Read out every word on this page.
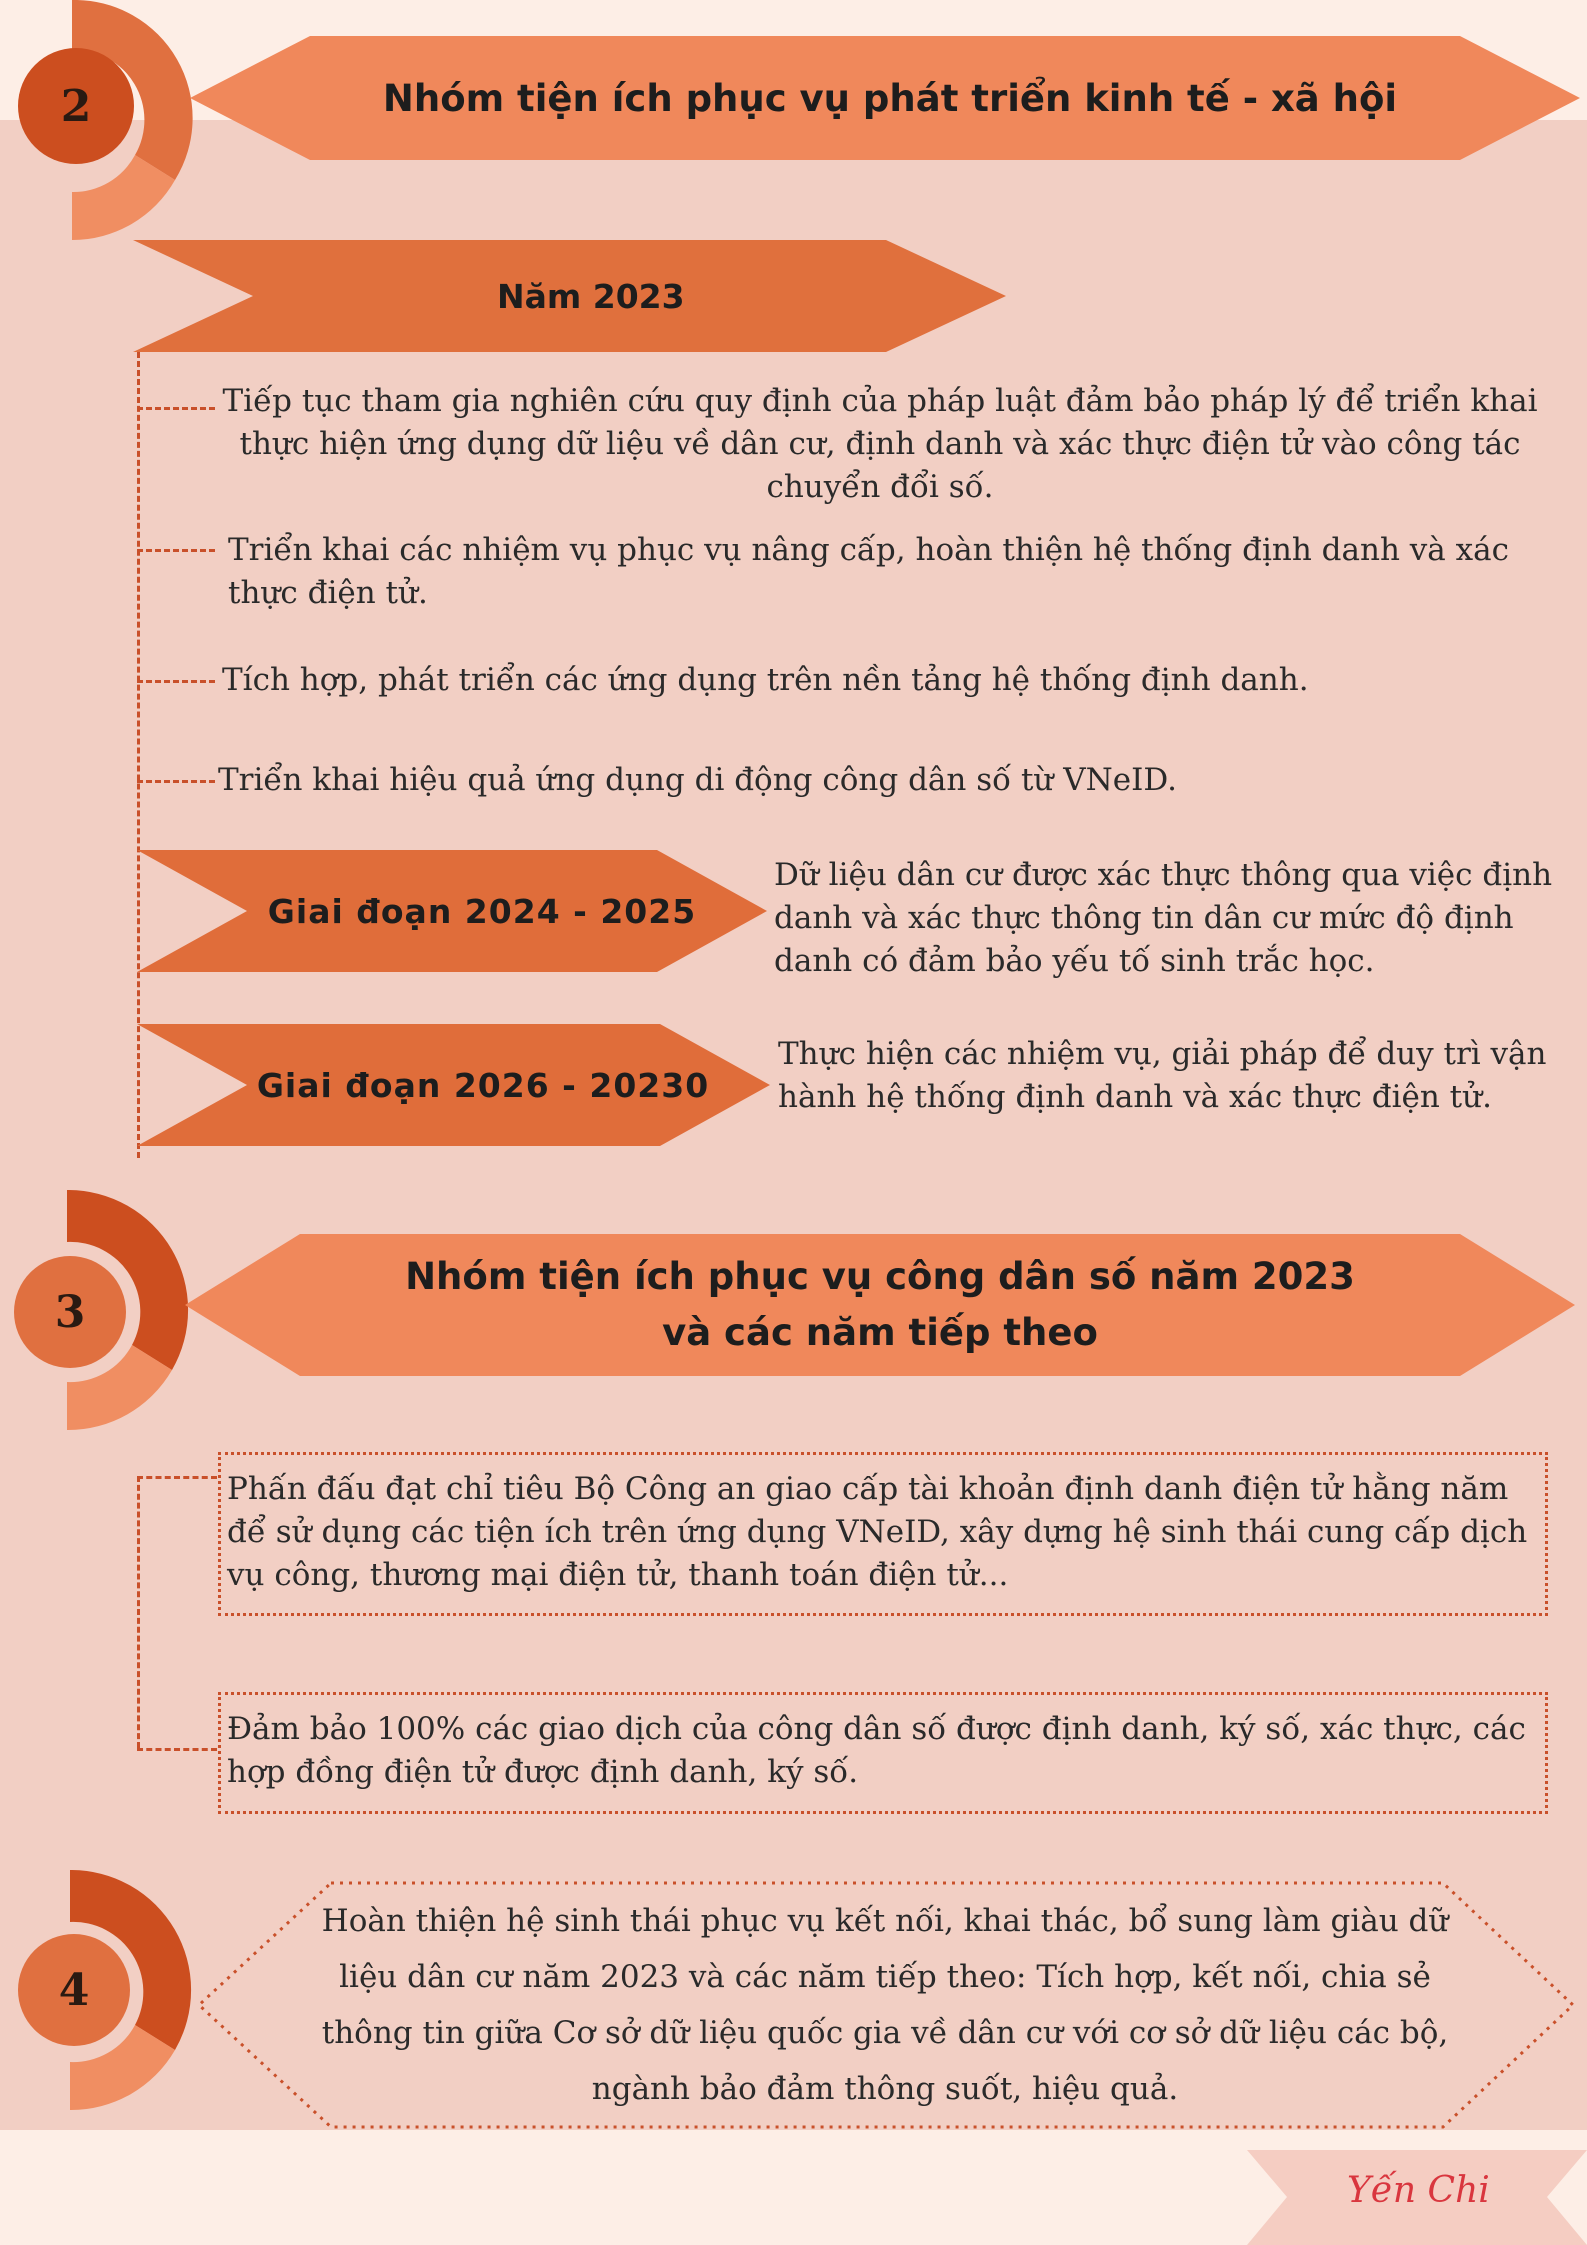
2	Nhóm tiện ích phục vụ phát triển kinh tế - xã hội
Năm 2023

Tiếp tục tham gia nghiên cứu quy định của pháp luật đảm bảo pháp lý để triển khai thực hiện ứng dụng dữ liệu về dân cư, định danh và xác thực điện tử vào công tác chuyển đổi số.

Triển khai các nhiệm vụ phục vụ nâng cấp, hoàn thiện hệ thống định danh và xác thực điện tử.

Tích hợp, phát triển các ứng dụng trên nền tảng hệ thống định danh.

Triển khai hiệu quả ứng dụng di động công dân số từ VNeID.

Giai đoạn 2024 - 2025

Dữ liệu dân cư được xác thực thông qua việc định danh và xác thực thông tin dân cư mức độ định danh có đảm bảo yếu tố sinh trắc học.

Giai đoạn 2026 - 20230

Thực hiện các nhiệm vụ, giải pháp để duy trì vận hành hệ thống định danh và xác thực điện tử.

3
Nhóm tiện ích phục vụ công dân số năm 2023
và các năm tiếp theo

Phấn đấu đạt chỉ tiêu Bộ Công an giao cấp tài khoản định danh điện tử hằng năm để sử dụng các tiện ích trên ứng dụng VNeID, xây dựng hệ sinh thái cung cấp dịch vụ công, thương mại điện tử, thanh toán điện tử...

Đảm bảo 100% các giao dịch của công dân số được định danh, ký số, xác thực, các hợp đồng điện tử được định danh, ký số.

4

Hoàn thiện hệ sinh thái phục vụ kết nối, khai thác, bổ sung làm giàu dữ liệu dân cư năm 2023 và các năm tiếp theo: Tích hợp, kết nối, chia sẻ thông tin giữa Cơ sở dữ liệu quốc gia về dân cư với cơ sở dữ liệu các bộ, ngành bảo đảm thông suốt, hiệu quả.

Yến Chi
